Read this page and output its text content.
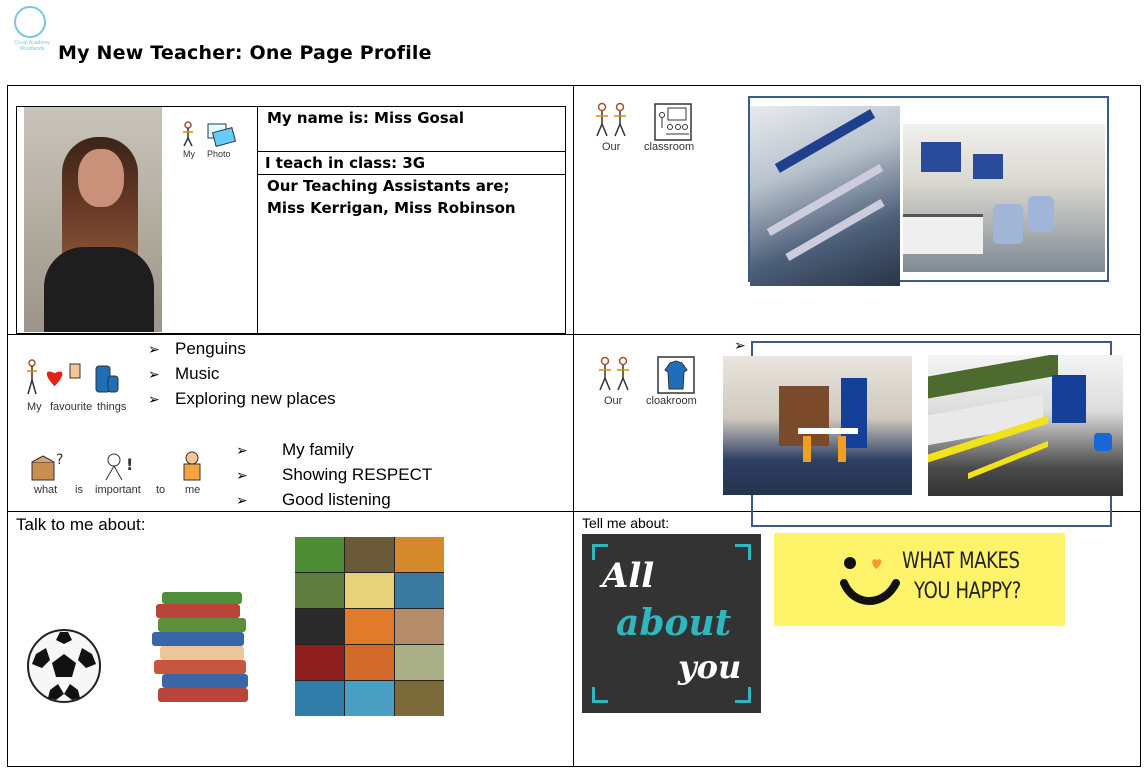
Co-op Academy Woodlands My New Teacher: One Page Profile
My Photo
My name is: Miss Gosal
I teach in class: 3G
Our Teaching Assistants are;
Miss Kerrigan, Miss Robinson
Our classroom
My favourite things
➢ Penguins
➢ Music
➢ Exploring new places
?	!
what is important to me
➢ My family
➢ Showing RESPECT
➢ Good listening
➢
Our cloakroom
Talk to me about:	Tell me about:
All
about
you
WHAT MAKES
YOU HAPPY?
